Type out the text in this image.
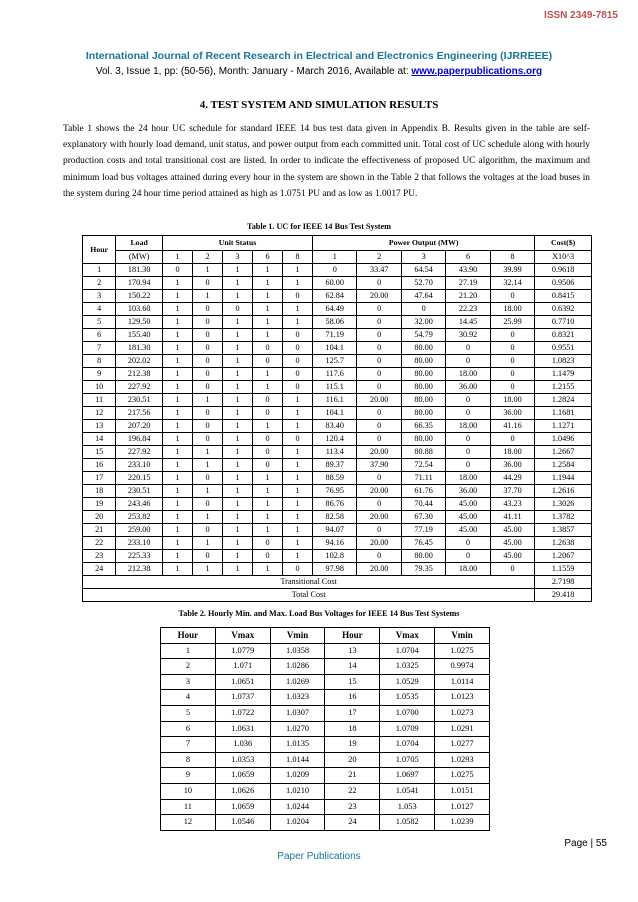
ISSN 2349-7815
International Journal of Recent Research in Electrical and Electronics Engineering (IJRREEE)
Vol. 3, Issue 1, pp: (50-56), Month: January - March 2016, Available at: www.paperpublications.org
4. TEST SYSTEM AND SIMULATION RESULTS
Table 1 shows the 24 hour UC schedule for standard IEEE 14 bus test data given in Appendix B. Results given in the table are self-explanatory with hourly load demand, unit status, and power output from each committed unit. Total cost of UC schedule along with hourly production costs and total transitional cost are listed. In order to indicate the effectiveness of proposed UC algorithm, the maximum and minimum load bus voltages attained during every hour in the system are shown in the Table 2 that follows the voltages at the load buses in the system during 24 hour time period attained as high as 1.0751 PU and as low as 1.0017 PU.
Table 1. UC for IEEE 14 Bus Test System
Hour	Load	Unit Status					Power Output (MW)					Cost($)
	(MW)	1	2	3	6	8	1	2	3	6	8	X10^3
1	181.30	0	1	1	1	1	0	33.47	64.54	43.90	39.99	0.9618
2	170.94	1	0	1	1	1	60.00	0	52.70	27.19	32.14	0.9506
3	150.22	1	1	1	1	0	62.84	20.00	47.64	21.20	0	0.8415
4	103.60	1	0	0	1	1	64.49	0	0	22.23	18.00	0.6392
5	129.50	1	0	1	1	1	58.06	0	32.00	14.45	25.99	0.7710
6	155.40	1	0	1	1	0	71.19	0	54.79	30.92	0	0.8321
7	181.30	1	0	1	0	0	104.1	0	80.00	0	0	0.9551
8	202.02	1	0	1	0	0	125.7	0	80.00	0	0	1.0823
9	212.38	1	0	1	1	0	117.6	0	80.00	18.00	0	1.1479
10	227.92	1	0	1	1	0	115.1	0	80.00	36.00	0	1.2155
11	230.51	1	1	1	0	1	116.1	20.00	80.00	0	18.00	1.2824
12	217.56	1	0	1	0	1	104.1	0	80.00	0	36.00	1.1681
13	207.20	1	0	1	1	1	83.40	0	66.35	18.00	41.16	1.1271
14	196.84	1	0	1	0	0	120.4	0	80.00	0	0	1.0496
15	227.92	1	1	1	0	1	113.4	20.00	80.88	0	18.00	1.2667
16	233.10	1	1	1	0	1	89.37	37.90	72.54	0	36.00	1.2584
17	220.15	1	0	1	1	1	88.59	0	71.11	18.00	44.29	1.1944
18	230.51	1	1	1	1	1	76.95	20.00	61.76	36.00	37.70	1.2616
19	243.46	1	0	1	1	1	86.76	0	70.44	45.00	43.23	1.3026
20	253.82	1	1	1	1	1	82.58	20.00	67.30	45.00	41.11	1.3782
21	259.00	1	0	1	1	1	94.07	0	77.19	45.00	45.00	1.3857
22	233.10	1	1	1	0	1	94.16	20.00	76.45	0	45.00	1.2638
23	225.33	1	0	1	0	1	102.8	0	80.00	0	45.00	1.2067
24	212.38	1	1	1	1	0	97.98	20.00	79.35	18.00	0	1.1559
Transitional Cost												2.7198
Total Cost												29.418
Table 2. Hourly Min. and Max. Load Bus Voltages for IEEE 14 Bus Test Systems
Hour	Vmax	Vmin	Hour	Vmax	Vmin
1	1.0779	1.0358	13	1.0704	1.0275
2	1.071	1.0286	14	1.0325	0.9974
3	1.0651	1.0269	15	1.0529	1.0114
4	1.0737	1.0323	16	1.0535	1.0123
5	1.0722	1.0307	17	1.0700	1.0273
6	1.0631	1.0270	18	1.0709	1.0291
7	1.036	1.0135	19	1.0704	1.0277
8	1.0353	1.0144	20	1.0705	1.0293
9	1.0659	1.0209	21	1.0697	1.0275
10	1.0626	1.0210	22	1.0541	1.0151
11	1.0659	1.0244	23	1.053	1.0127
12	1.0546	1.0204	24	1.0582	1.0239
Page | 55
Paper Publications
